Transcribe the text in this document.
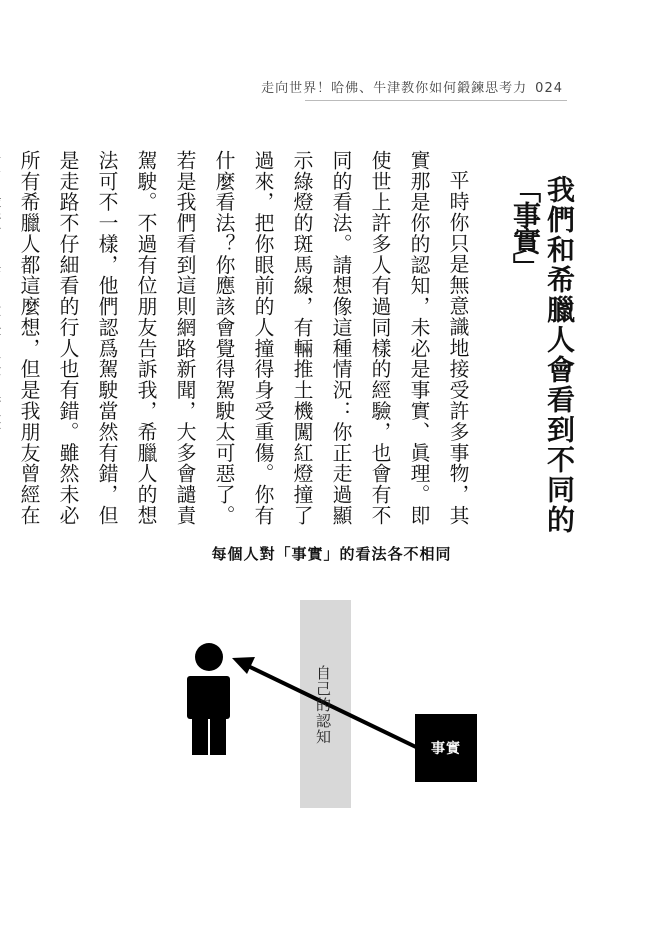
走向世界！哈佛、牛津教你如何鍛鍊思考力 024
我們和希臘人會看到不同的
「事實」

平時你只是無意識地接受許多事物，其實那是你的認知，未必是事實、眞理。即使世上許多人有過同樣的經驗，也會有不同的看法。請想像這種情況：你正走過顯示綠燈的斑馬線，有輛推土機闖紅燈撞了過來，把你眼前的人撞得身受重傷。你有什麼看法？你應該會覺得駕駛太可惡了。若是我們看到這則網路新聞，大多會譴責駕駛。不過有位朋友告訴我，希臘人的想法可不一樣，他們認爲駕駛當然有錯，但是走路不仔細看的行人也有錯。雖然未必所有希臘人都這麼想，但是我朋友曾經在

每個人對「事實」的看法各不相同
自己的認知
事實
